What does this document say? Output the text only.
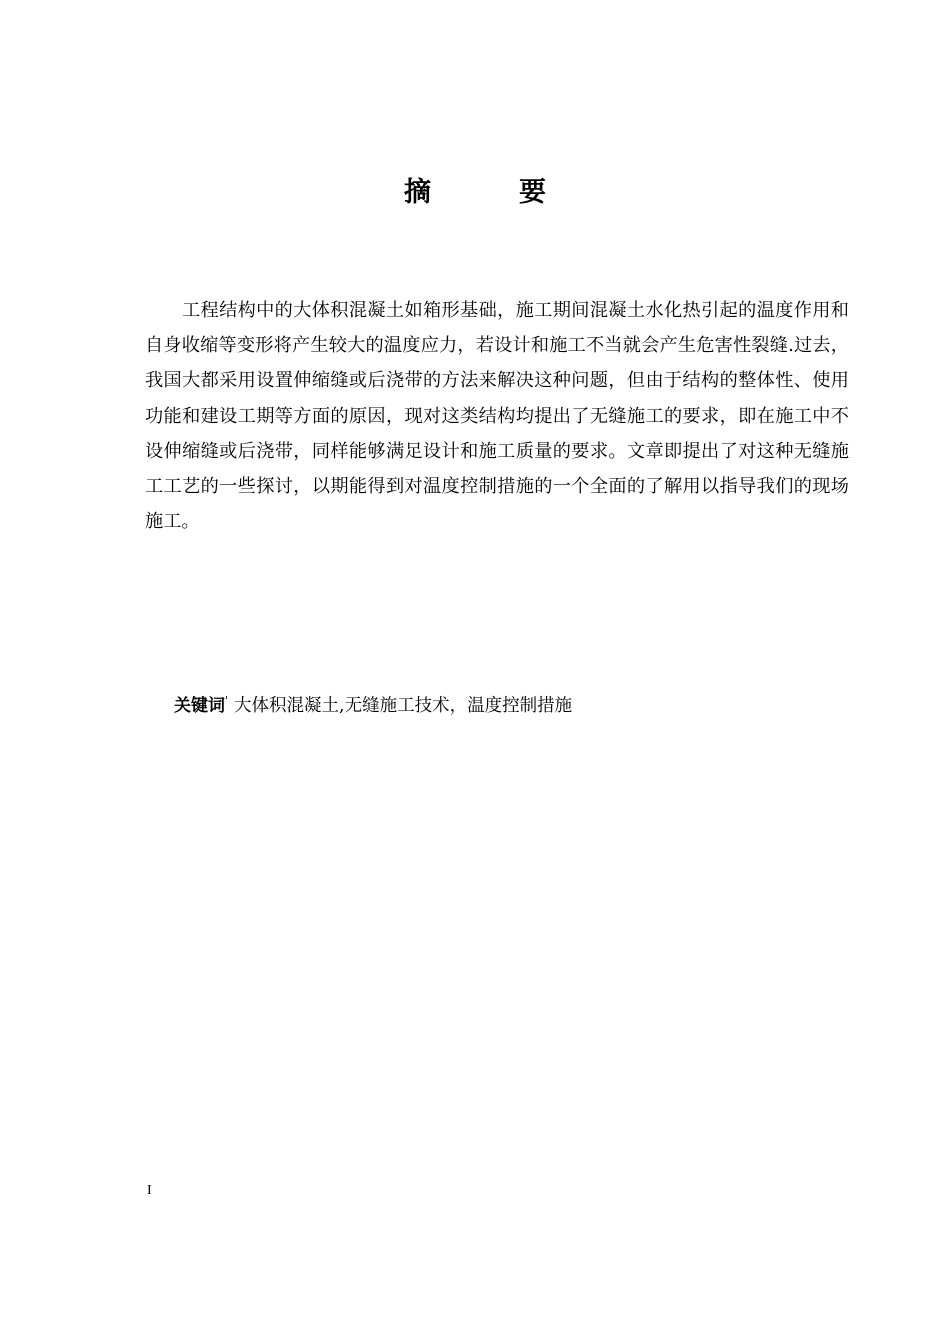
摘	要

工程结构中的大体积混凝土如箱形基础，施工期间混凝土水化热引起的温度作用和自身收缩等变形将产生较大的温度应力，若设计和施工不当就会产生危害性裂缝.过去，我国大都采用设置伸缩缝或后浇带的方法来解决这种问题，但由于结构的整体性、使用功能和建设工期等方面的原因，现对这类结构均提出了无缝施工的要求，即在施工中不设伸缩缝或后浇带，同样能够满足设计和施工质量的要求。文章即提出了对这种无缝施工工艺的一些探讨，以期能得到对温度控制措施的一个全面的了解用以指导我们的现场施工。

关键词' 大体积混凝土,无缝施工技术，温度控制措施
I
